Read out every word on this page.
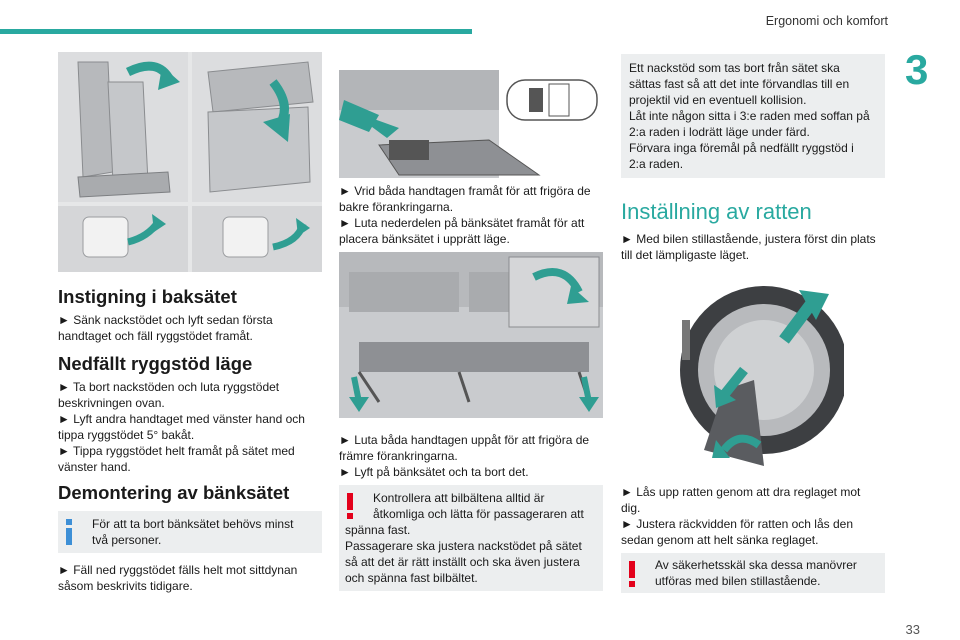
Ergonomi och komfort
3
33
Instigning i baksätet
► Sänk nackstödet och lyft sedan första
handtaget och fäll ryggstödet framåt.
Nedfällt ryggstöd läge
► Ta bort nackstöden och luta ryggstödet
beskrivningen ovan.
► Lyft andra handtaget med vänster hand och
tippa ryggstödet 5° bakåt.
► Tippa ryggstödet helt framåt på sätet med
vänster hand.
Demontering av bänksätet
För att ta bort bänksätet behövs minst
två personer.
► Fäll ned ryggstödet fälls helt mot sittdynan
såsom beskrivits tidigare.
► Vrid båda handtagen framåt för att frigöra de
bakre förankringarna.
► Luta nederdelen på bänksätet framåt för att
placera bänksätet i upprätt läge.
► Luta båda handtagen uppåt för att frigöra de
främre förankringarna.
► Lyft på bänksätet och ta bort det.
Kontrollera att bilbältena alltid är
åtkomliga och lätta för passageraren att
spänna fast.
Passagerare ska justera nackstödet på sätet
så att det är rätt inställt och ska även justera
och spänna fast bilbältet.
Ett nackstöd som tas bort från sätet ska
sättas fast så att det inte förvandlas till en
projektil vid en eventuell kollision.
Låt inte någon sitta i 3:e raden med soffan på
2:a raden i lodrätt läge under färd.
Förvara inga föremål på nedfällt ryggstöd i
2:a raden.
Inställning av ratten
► Med bilen stillastående, justera först din plats
till det lämpligaste läget.
► Lås upp ratten genom att dra reglaget mot
dig.
► Justera räckvidden för ratten och lås den
sedan genom att helt sänka reglaget.
Av säkerhetsskäl ska dessa manövrer
utföras med bilen stillastående.
